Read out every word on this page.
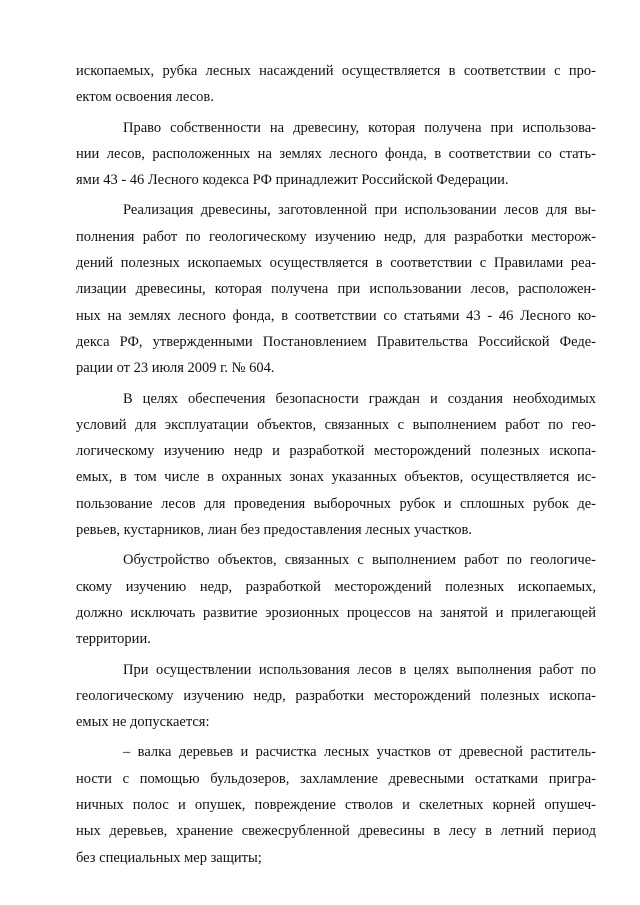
ископаемых, рубка лесных насаждений осуществляется в соответствии с про-
ектом освоения лесов.
Право собственности на древесину, которая получена при использова-
нии лесов, расположенных на землях лесного фонда, в соответствии со стать-
ями 43 - 46 Лесного кодекса РФ принадлежит Российской Федерации.
Реализация древесины, заготовленной при использовании лесов для вы-
полнения работ по геологическому изучению недр, для разработки месторож-
дений полезных ископаемых осуществляется в соответствии с Правилами реа-
лизации древесины, которая получена при использовании лесов, расположен-
ных на землях лесного фонда, в соответствии со статьями 43 - 46 Лесного ко-
декса РФ, утвержденными Постановлением Правительства Российской Феде-
рации от 23 июля 2009 г. № 604.
В целях обеспечения безопасности граждан и создания необходимых
условий для эксплуатации объектов, связанных с выполнением работ по гео-
логическому изучению недр и разработкой месторождений полезных ископа-
емых, в том числе в охранных зонах указанных объектов, осуществляется ис-
пользование лесов для проведения выборочных рубок и сплошных рубок де-
ревьев, кустарников, лиан без предоставления лесных участков.
Обустройство объектов, связанных с выполнением работ по геологиче-
скому изучению недр, разработкой месторождений полезных ископаемых,
должно исключать развитие эрозионных процессов на занятой и прилегающей
территории.
При осуществлении использования лесов в целях выполнения работ по
геологическому изучению недр, разработки месторождений полезных ископа-
емых не допускается:
– валка деревьев и расчистка лесных участков от древесной раститель-
ности с помощью бульдозеров, захламление древесными остатками пригра-
ничных полос и опушек, повреждение стволов и скелетных корней опушеч-
ных деревьев, хранение свежесрубленной древесины в лесу в летний период
без специальных мер защиты;
